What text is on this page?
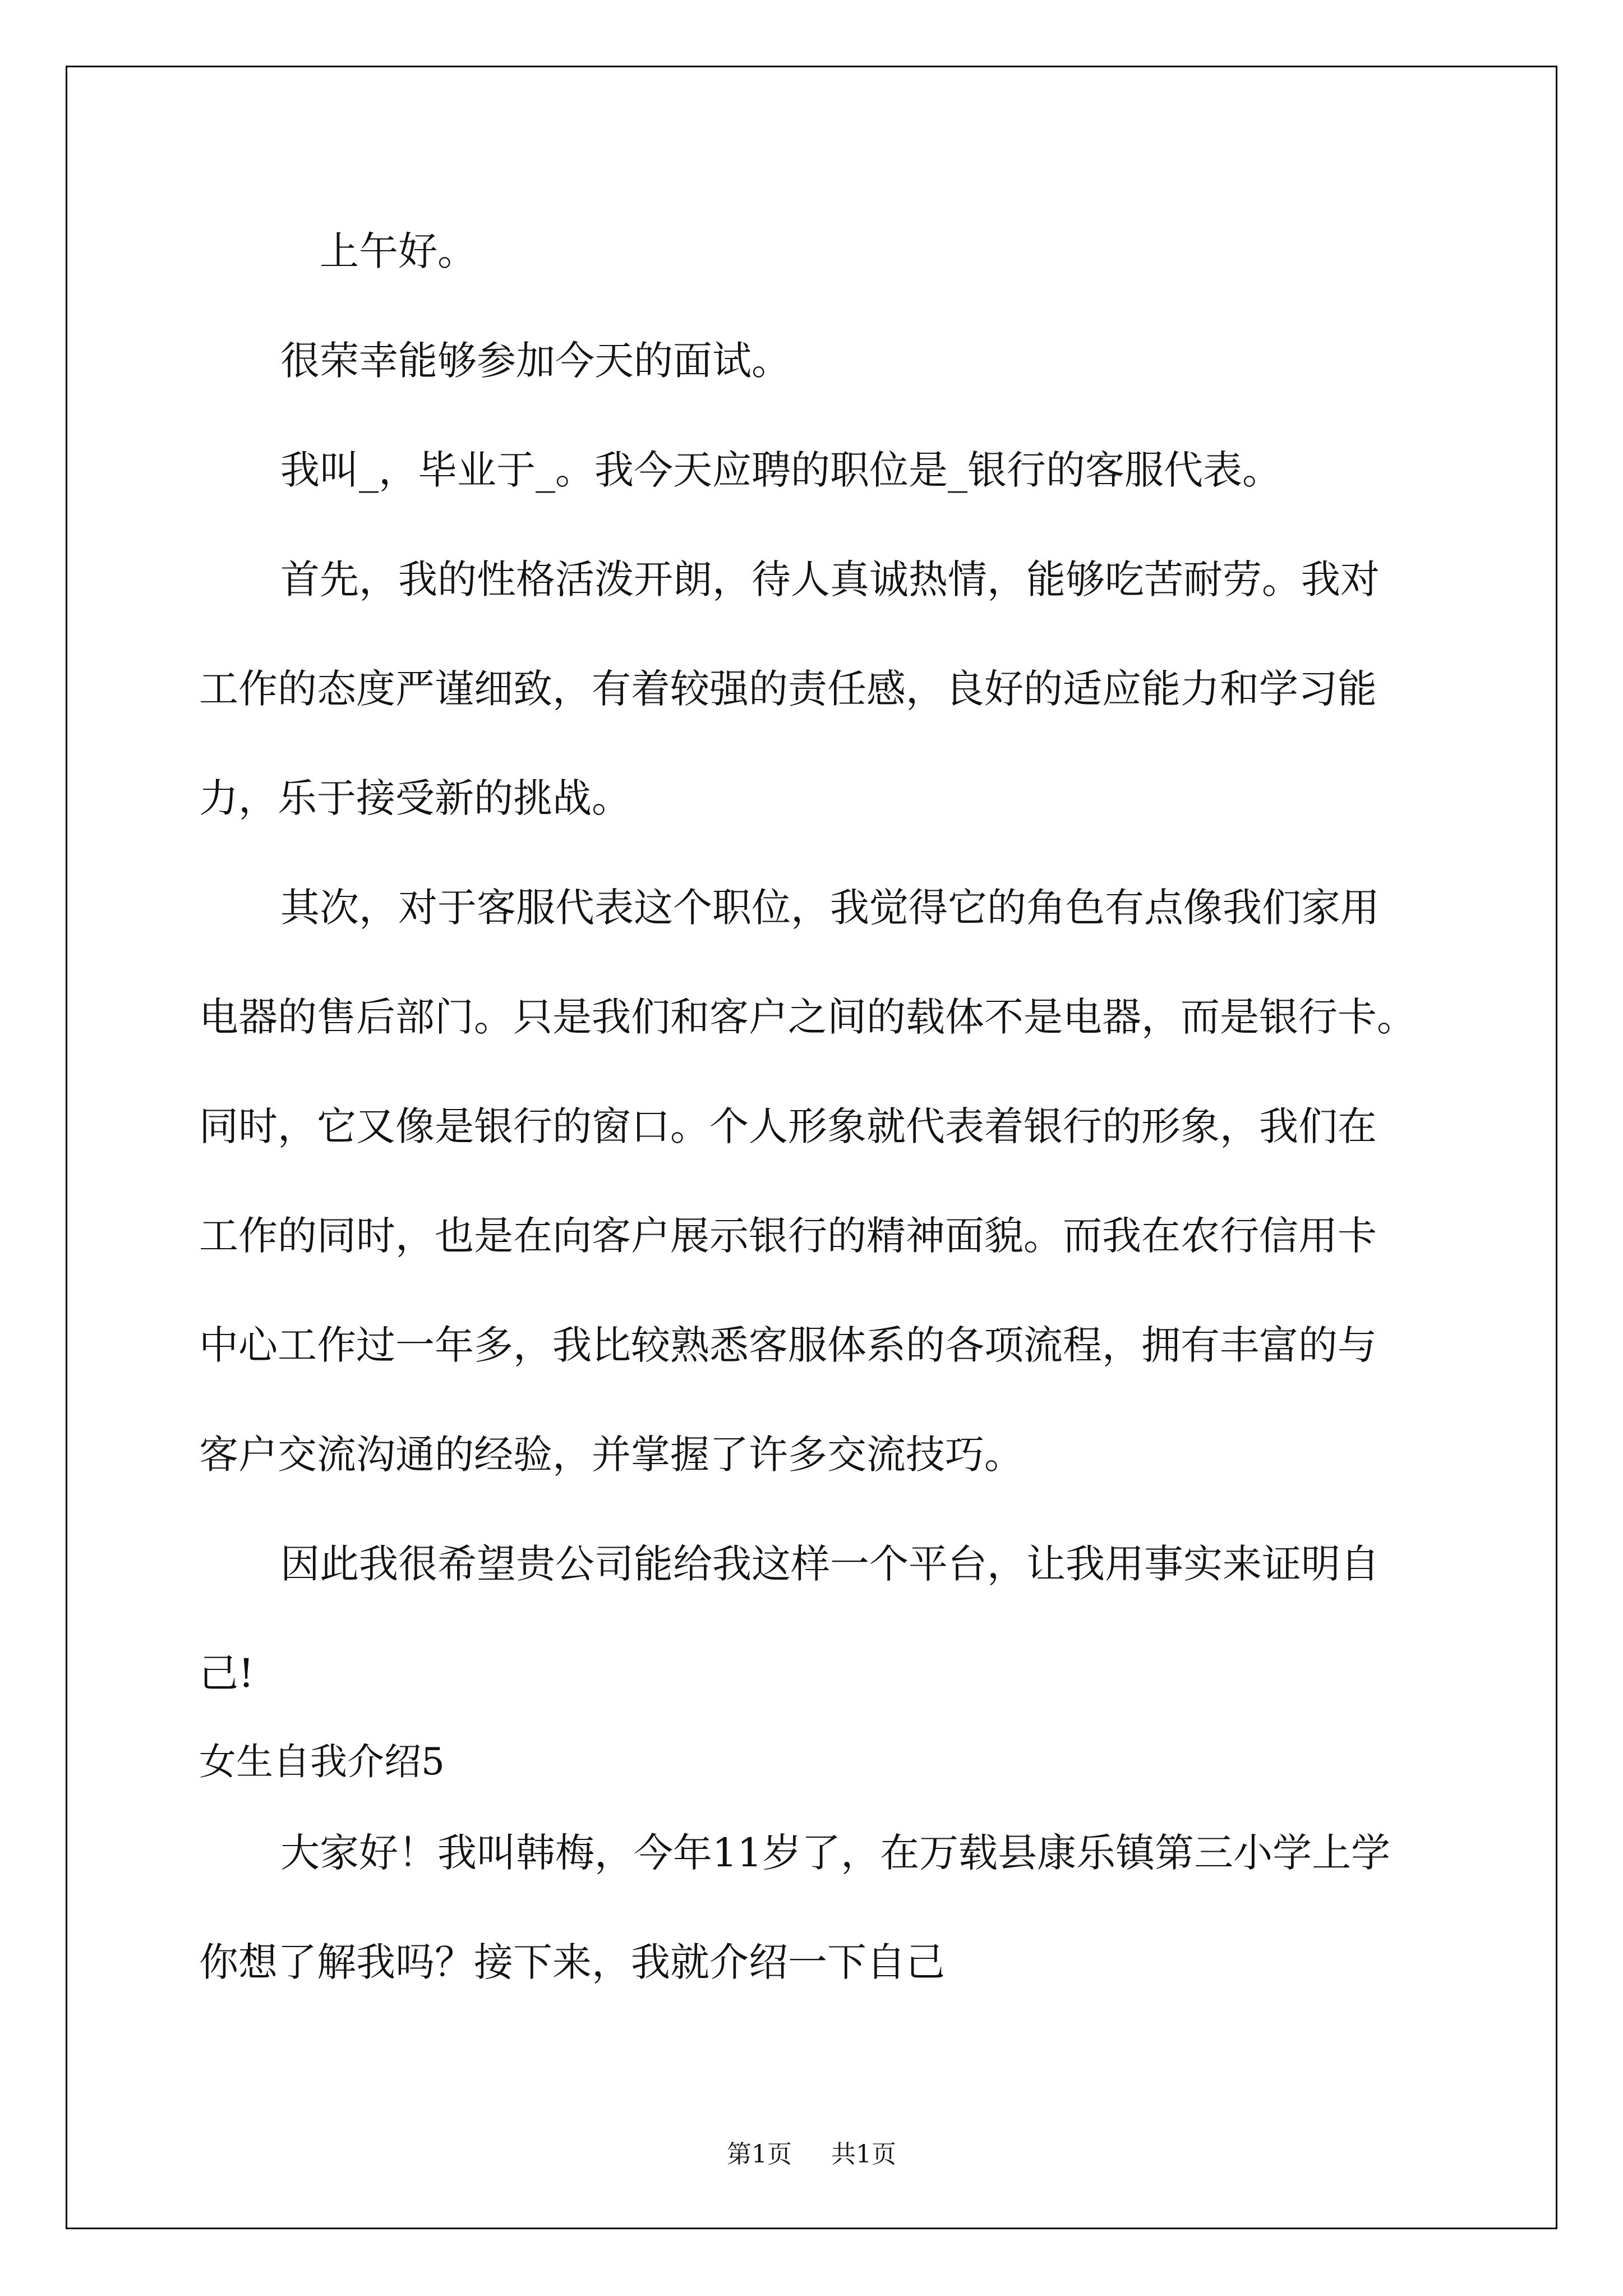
上午好。

很荣幸能够参加今天的面试。

我叫_，毕业于_。我今天应聘的职位是_银行的客服代表。

首先，我的性格活泼开朗，待人真诚热情，能够吃苦耐劳。我对

工作的态度严谨细致，有着较强的责任感，良好的适应能力和学习能

力，乐于接受新的挑战。

其次，对于客服代表这个职位，我觉得它的角色有点像我们家用

电器的售后部门。只是我们和客户之间的载体不是电器，而是银行卡。

同时，它又像是银行的窗口。个人形象就代表着银行的形象，我们在

工作的同时，也是在向客户展示银行的精神面貌。而我在农行信用卡

中心工作过一年多，我比较熟悉客服体系的各项流程，拥有丰富的与

客户交流沟通的经验，并掌握了许多交流技巧。

因此我很希望贵公司能给我这样一个平台，让我用事实来证明自

己!

女生自我介绍5

大家好！我叫韩梅，今年11岁了，在万载县康乐镇第三小学上学

你想了解我吗？接下来，我就介绍一下自己

第1页 共1页
